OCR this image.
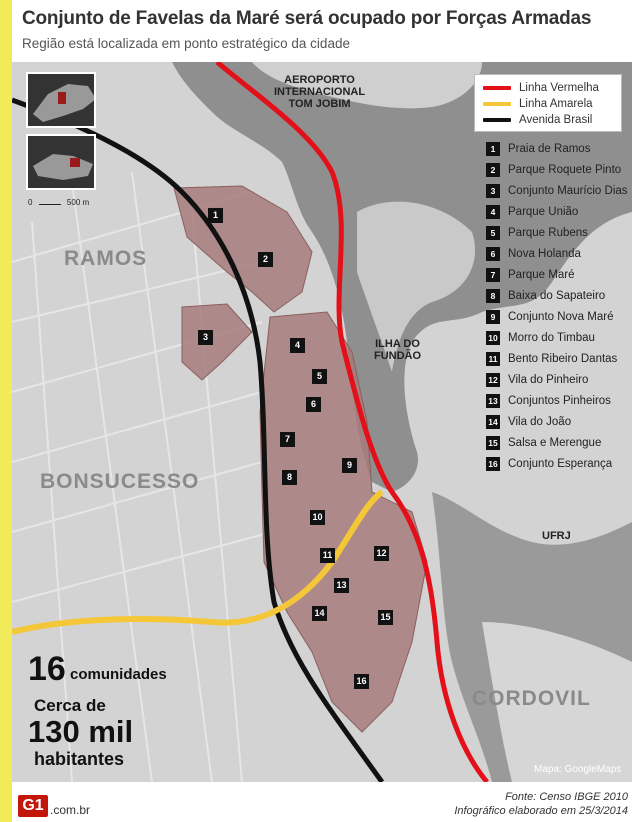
Conjunto de Favelas da Maré será ocupado por Forças Armadas
Região está localizada em ponto estratégico da cidade
0	500 m
AEROPORTO
INTERNACIONAL
TOM JOBIM
RAMOS
BONSUCESSO
ILHA DO
FUNDÃO
UFRJ
CORDOVIL
1
2
3
4
5
6
7
8
9
10
11	12
13
14	15
16
Linha Vermelha
Linha Amarela
Avenida Brasil
1	Praia de Ramos
2	Parque Roquete Pinto
3	Conjunto Maurício Dias
4	Parque União
5	Parque Rubens
6	Nova Holanda
7	Parque Maré
8	Baixa do Sapateiro
9	Conjunto Nova Maré
10 Morro do Timbau
11 Bento Ribeiro Dantas
12 Vila do Pinheiro
13 Conjuntos Pinheiros
14 Vila do João
15 Salsa e Merengue
16 Conjunto Esperança
16 comunidades
Cerca de
130 mil
habitantes
Mapa: GoogleMaps
G1 .com.br
Fonte: Censo IBGE 2010
Infográfico elaborado em 25/3/2014
